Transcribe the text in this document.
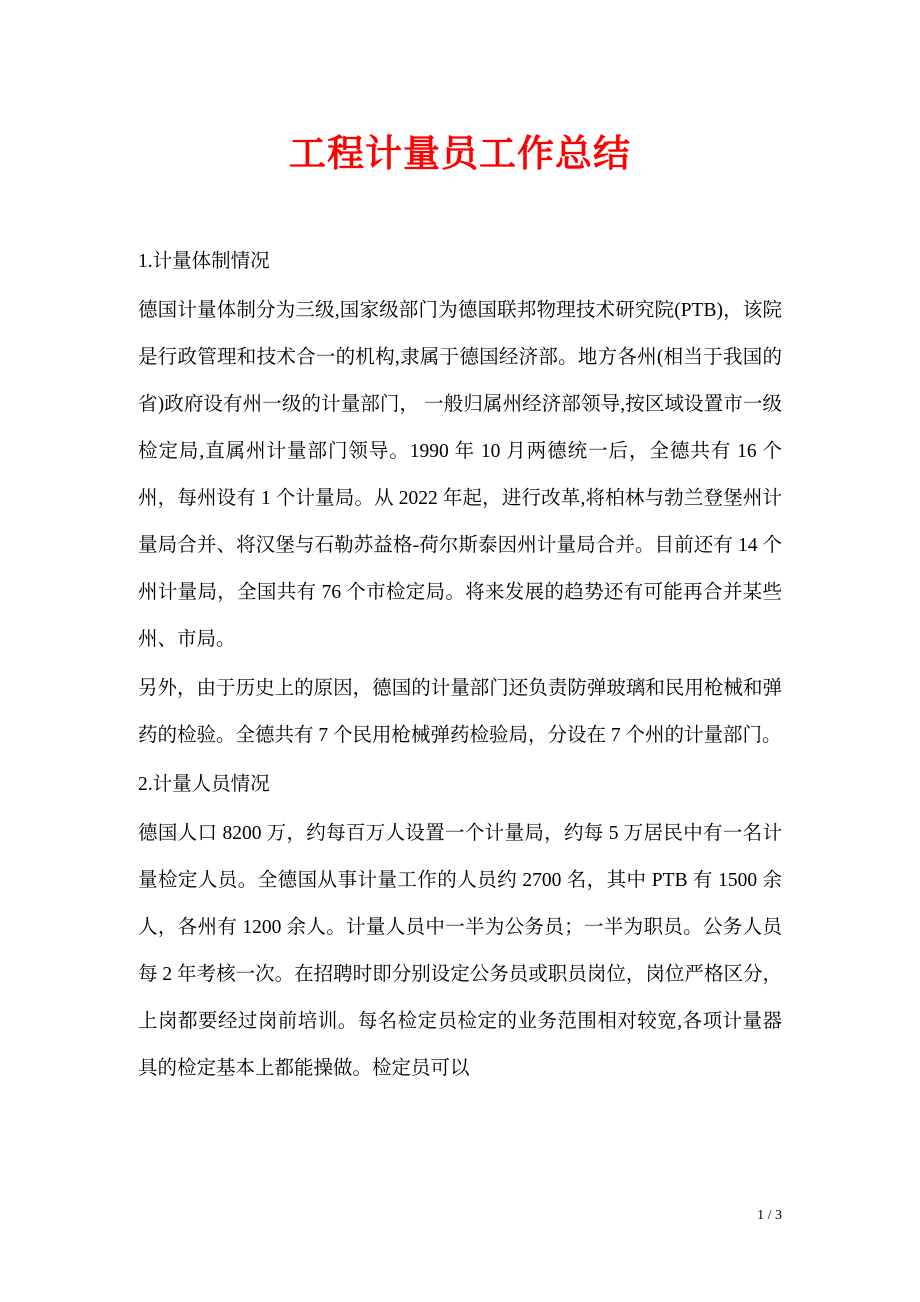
工程计量员工作总结

1.计量体制情况

德国计量体制分为三级,国家级部门为德国联邦物理技术研究院(PTB)，该院是行政管理和技术合一的机构,隶属于德国经济部。地方各州(相当于我国的省)政府设有州一级的计量部门， 一般归属州经济部领导,按区域设置市一级检定局,直属州计量部门领导。1990 年 10 月两德统一后，全德共有 16 个州，每州设有 1 个计量局。从 2022 年起，进行改革,将柏林与勃兰登堡州计量局合并、将汉堡与石勒苏益格-荷尔斯泰因州计量局合并。目前还有 14 个州计量局，全国共有 76 个市检定局。将来发展的趋势还有可能再合并某些州、市局。

另外，由于历史上的原因，德国的计量部门还负责防弹玻璃和民用枪械和弹药的检验。全德共有 7 个民用枪械弹药检验局，分设在 7 个州的计量部门。

2.计量人员情况

德国人口 8200 万，约每百万人设置一个计量局，约每 5 万居民中有一名计量检定人员。全德国从事计量工作的人员约 2700 名，其中 PTB 有 1500 余人，各州有 1200 余人。计量人员中一半为公务员；一半为职员。公务人员每 2 年考核一次。在招聘时即分别设定公务员或职员岗位，岗位严格区分，上岗都要经过岗前培训。每名检定员检定的业务范围相对较宽,各项计量器具的检定基本上都能操做。检定员可以

1 / 3
